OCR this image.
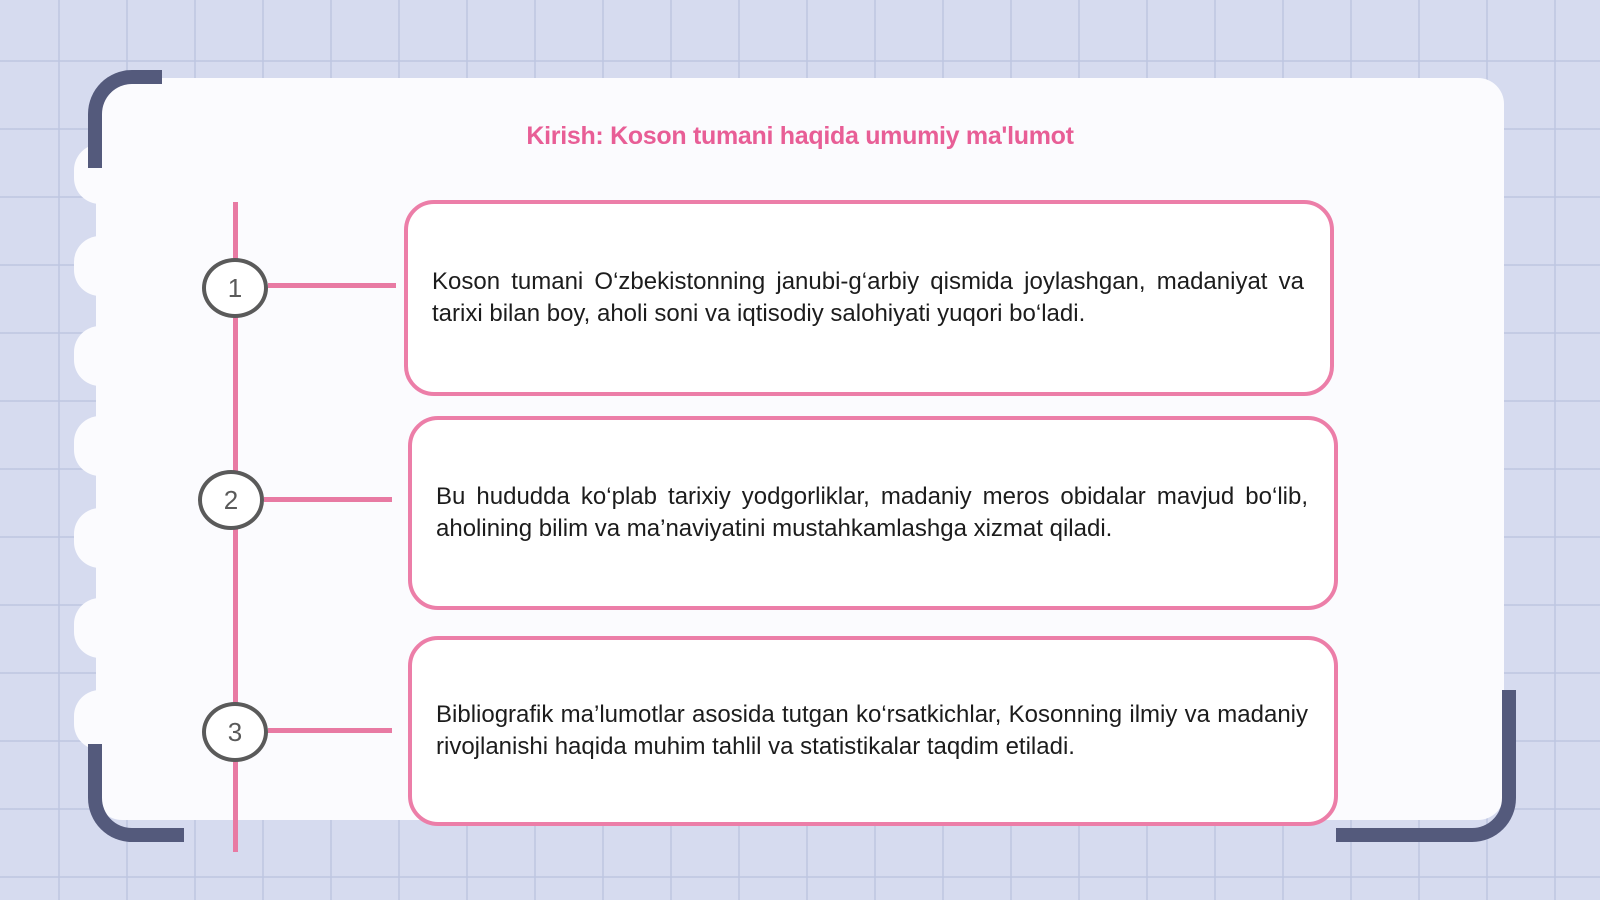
Kirish: Koson tumani haqida umumiy ma'lumot
1
2
3
Koson tumani O‘zbekistonning janubi-g‘arbiy qismida joylashgan, madaniyat va tarixi bilan boy, aholi soni va iqtisodiy salohiyati yuqori bo‘ladi.
Bu hududda ko‘plab tarixiy yodgorliklar, madaniy meros obidalar mavjud bo‘lib, aholining bilim va ma’naviyatini mustahkamlashga xizmat qiladi.
Bibliografik ma’lumotlar asosida tutgan ko‘rsatkichlar, Kosonning ilmiy va madaniy rivojlanishi haqida muhim tahlil va statistikalar taqdim etiladi.
